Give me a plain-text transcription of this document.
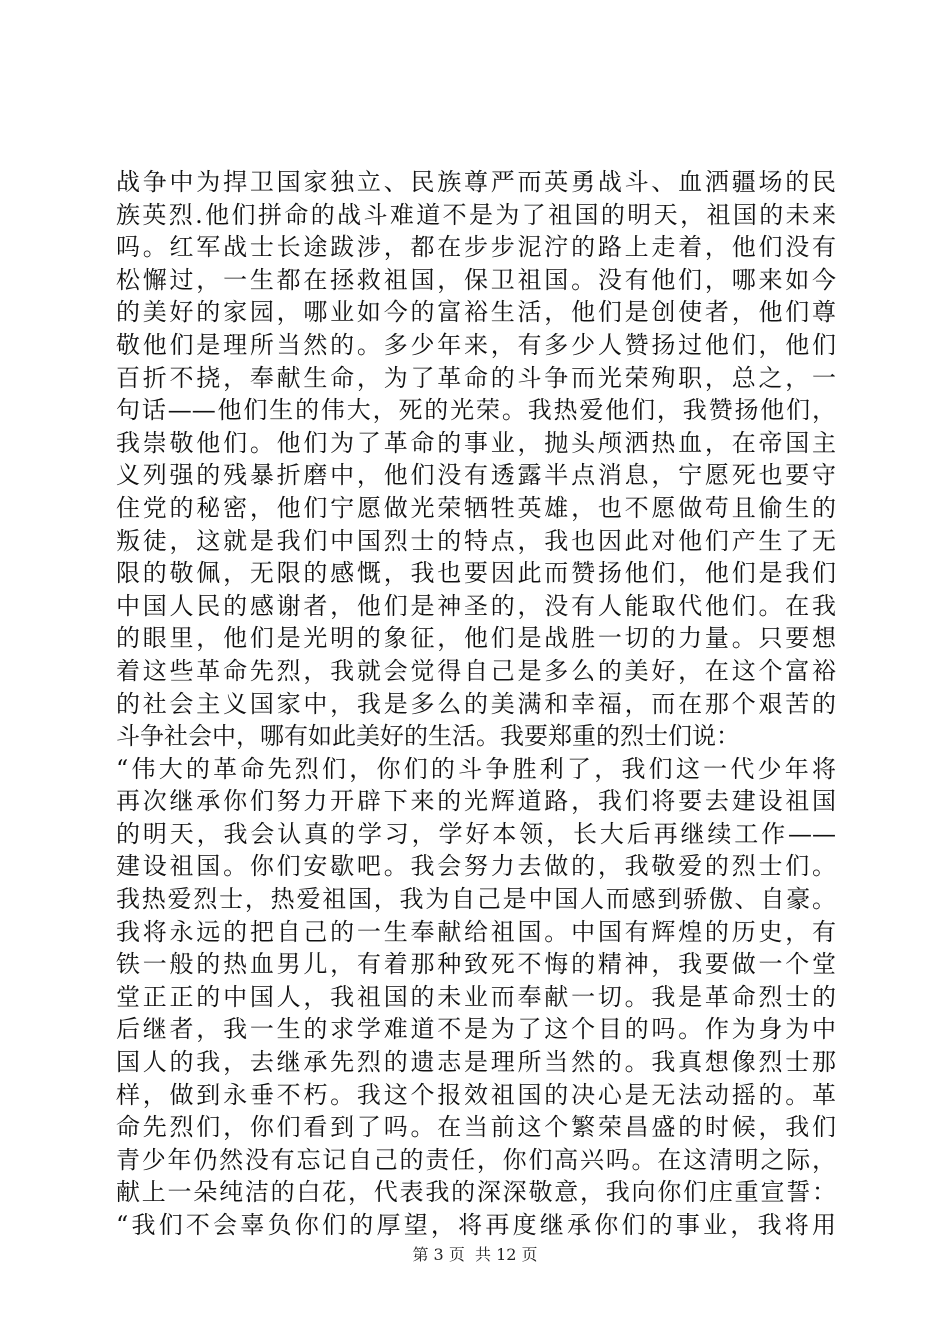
战争中为捍卫国家独立、民族尊严而英勇战斗、血洒疆场的民
族英烈.他们拼命的战斗难道不是为了祖国的明天，祖国的未来
吗。红军战士长途跋涉，都在步步泥泞的路上走着，他们没有
松懈过，一生都在拯救祖国，保卫祖国。没有他们，哪来如今
的美好的家园，哪业如今的富裕生活，他们是创使者，他们尊
敬他们是理所当然的。多少年来，有多少人赞扬过他们，他们
百折不挠，奉献生命，为了革命的斗争而光荣殉职，总之，一
句话——他们生的伟大，死的光荣。我热爱他们，我赞扬他们，
我崇敬他们。他们为了革命的事业，抛头颅洒热血，在帝国主
义列强的残暴折磨中，他们没有透露半点消息，宁愿死也要守
住党的秘密，他们宁愿做光荣牺牲英雄，也不愿做苟且偷生的
叛徒，这就是我们中国烈士的特点，我也因此对他们产生了无
限的敬佩，无限的感慨，我也要因此而赞扬他们，他们是我们
中国人民的感谢者，他们是神圣的，没有人能取代他们。在我
的眼里，他们是光明的象征，他们是战胜一切的力量。只要想
着这些革命先烈，我就会觉得自己是多么的美好，在这个富裕
的社会主义国家中，我是多么的美满和幸福，而在那个艰苦的
斗争社会中，哪有如此美好的生活。我要郑重的烈士们说：
“伟大的革命先烈们，你们的斗争胜利了，我们这一代少年将
再次继承你们努力开辟下来的光辉道路，我们将要去建设祖国
的明天，我会认真的学习，学好本领，长大后再继续工作——
建设祖国。你们安歇吧。我会努力去做的，我敬爱的烈士们。
我热爱烈士，热爱祖国，我为自己是中国人而感到骄傲、自豪。
我将永远的把自己的一生奉献给祖国。中国有辉煌的历史，有
铁一般的热血男儿，有着那种致死不悔的精神，我要做一个堂
堂正正的中国人，我祖国的未业而奉献一切。我是革命烈士的
后继者，我一生的求学难道不是为了这个目的吗。作为身为中
国人的我，去继承先烈的遗志是理所当然的。我真想像烈士那
样，做到永垂不朽。我这个报效祖国的决心是无法动摇的。革
命先烈们，你们看到了吗。在当前这个繁荣昌盛的时候，我们
青少年仍然没有忘记自己的责任，你们高兴吗。在这清明之际，
献上一朵纯洁的白花，代表我的深深敬意，我向你们庄重宣誓：
“我们不会辜负你们的厚望，将再度继承你们的事业，我将用
第 3 页  共 12 页
